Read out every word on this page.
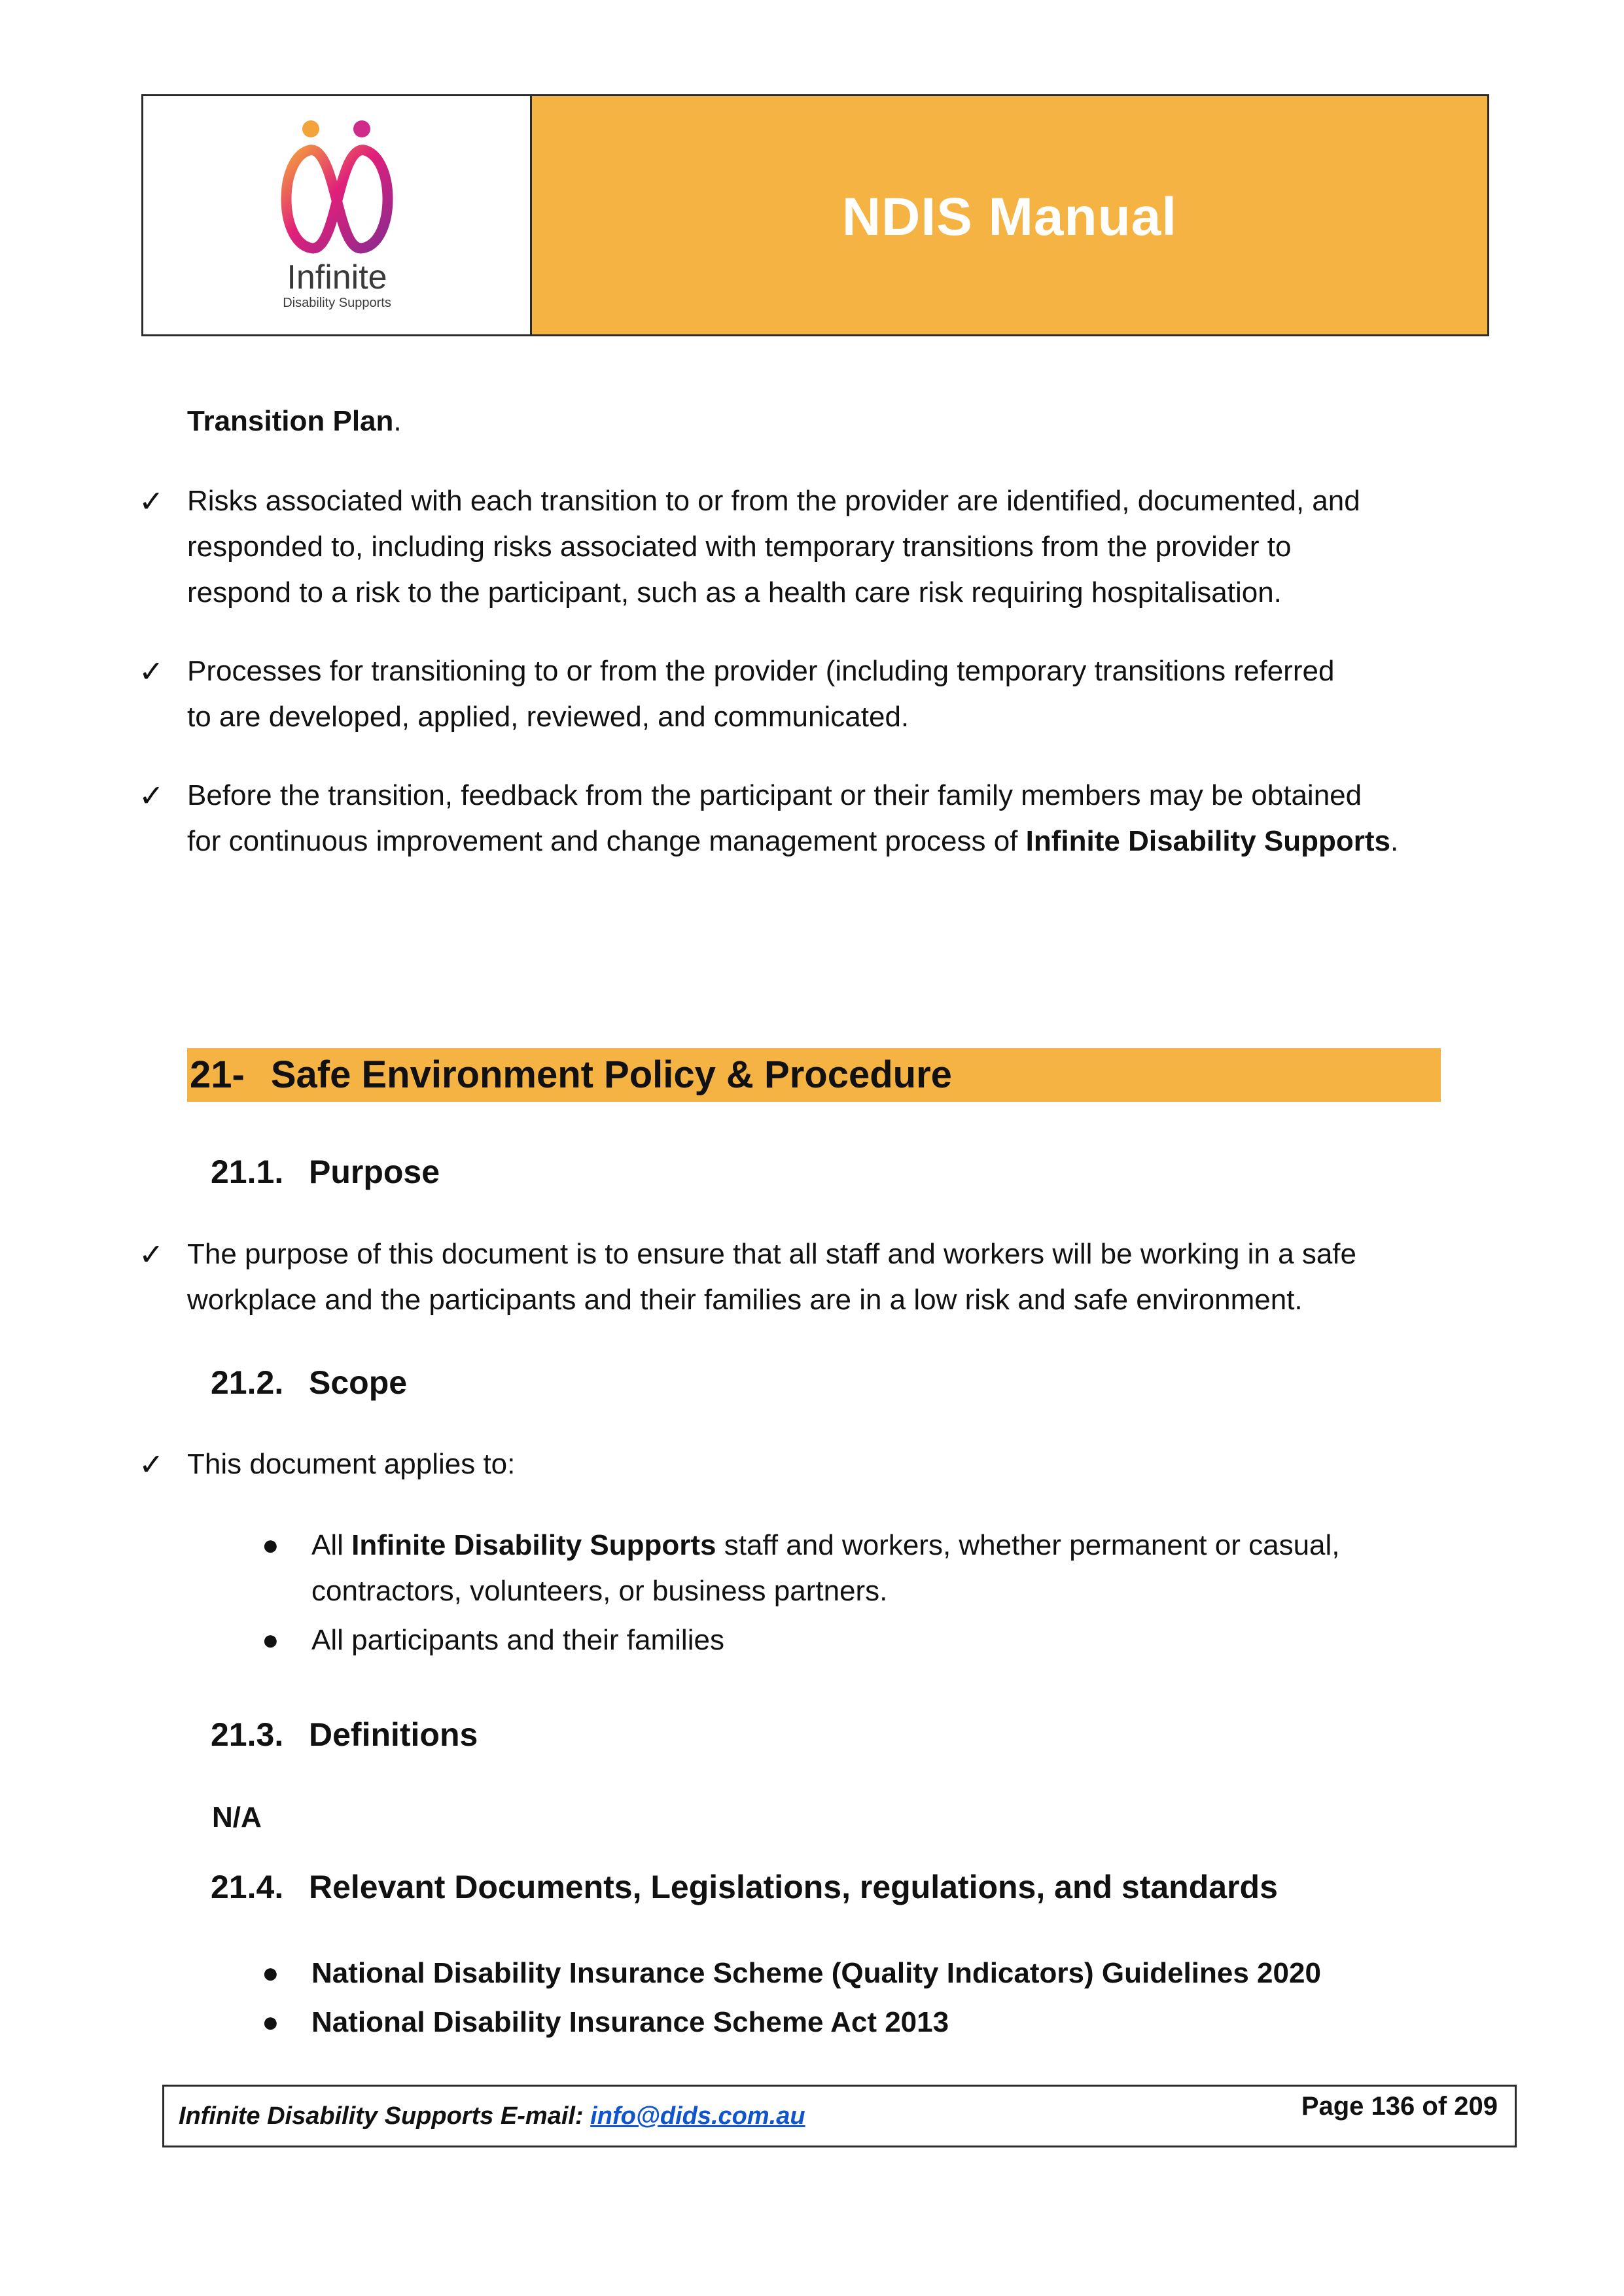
Infinite
Disability Supports
NDIS Manual
Transition Plan.
✓ Risks associated with each transition to or from the provider are identified, documented, and
responded to, including risks associated with temporary transitions from the provider to
respond to a risk to the participant, such as a health care risk requiring hospitalisation.
✓ Processes for transitioning to or from the provider (including temporary transitions referred
to are developed, applied, reviewed, and communicated.
✓ Before the transition, feedback from the participant or their family members may be obtained
for continuous improvement and change management process of Infinite Disability Supports.
21- Safe Environment Policy & Procedure
21.1. Purpose
✓ The purpose of this document is to ensure that all staff and workers will be working in a safe
workplace and the participants and their families are in a low risk and safe environment.
21.2. Scope
✓ This document applies to:
● All Infinite Disability Supports staff and workers, whether permanent or casual,
contractors, volunteers, or business partners.
● All participants and their families
21.3. Definitions
N/A
21.4. Relevant Documents, Legislations, regulations, and standards
● National Disability Insurance Scheme (Quality Indicators) Guidelines 2020
● National Disability Insurance Scheme Act 2013
Infinite Disability Supports E-mail: info@dids.com.au	Page 136 of 209
